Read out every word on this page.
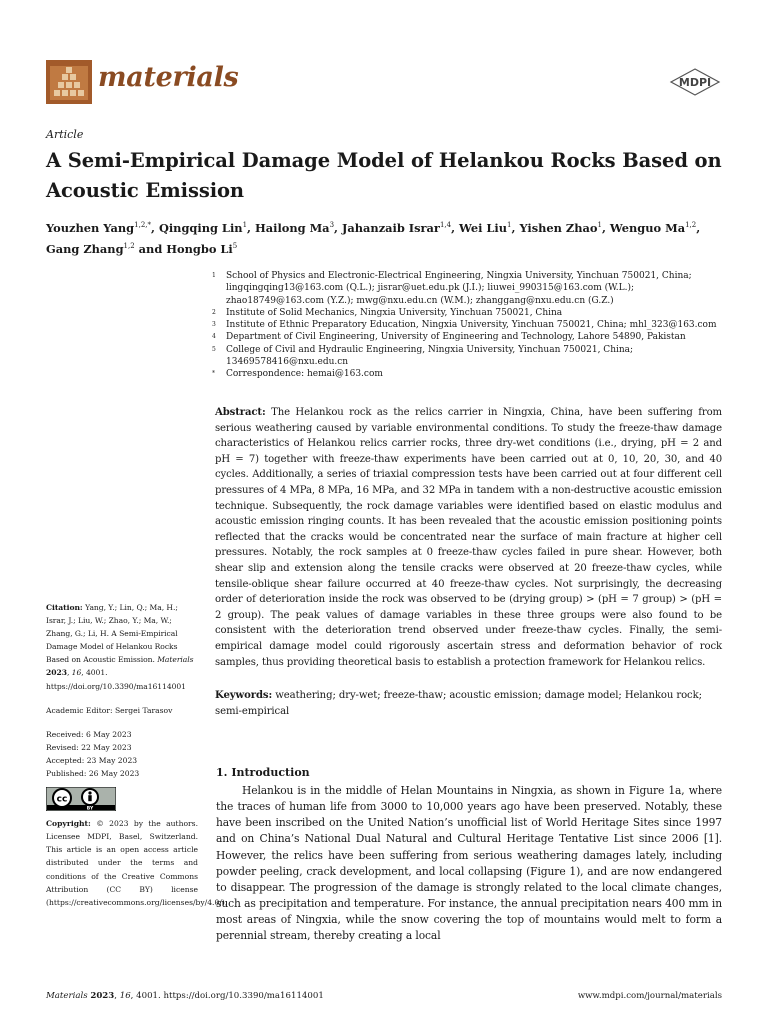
materials	MDPI
Article
A Semi-Empirical Damage Model of Helankou Rocks Based on Acoustic Emission
Youzhen Yang$^{1,2,*}$, Qingqing Lin$^1$, Hailong Ma$^3$, Jahanzaib Israr$^{1,4}$, Wei Liu$^1$, Yishen Zhao$^1$, Wenguo Ma$^{1,2}$,
Gang Zhang$^{1,2}$ and Hongbo Li$^5$
1	School of Physics and Electronic-Electrical Engineering, Ningxia University, Yinchuan 750021, China; lingqingqing13@163.com (Q.L.); jisrar@uet.edu.pk (J.I.); liuwei_990315@163.com (W.L.); zhao18749@163.com (Y.Z.); mwg@nxu.edu.cn (W.M.); zhanggang@nxu.edu.cn (G.Z.)
2	Institute of Solid Mechanics, Ningxia University, Yinchuan 750021, China
3	Institute of Ethnic Preparatory Education, Ningxia University, Yinchuan 750021, China; mhl_323@163.com
4	Department of Civil Engineering, University of Engineering and Technology, Lahore 54890, Pakistan
5	College of Civil and Hydraulic Engineering, Ningxia University, Yinchuan 750021, China; 13469578416@nxu.edu.cn
*	Correspondence: hemai@163.com

Citation: Yang, Y.; Lin, Q.; Ma, H.; Israr, J.; Liu, W.; Zhao, Y.; Ma, W.; Zhang, G.; Li, H. A Semi-Empirical Damage Model of Helankou Rocks Based on Acoustic Emission. Materials 2023, 16, 4001. https://doi.org/10.3390/ma16114001

Academic Editor: Sergei Tarasov

Received: 6 May 2023

Revised: 22 May 2023

Accepted: 23 May 2023

Published: 26 May 2023

cc
BY

Copyright: © 2023 by the authors. Licensee MDPI, Basel, Switzerland. This article is an open access article distributed under the terms and conditions of the Creative Commons Attribution (CC BY) license (https://creativecommons.org/licenses/by/4.0/).

Abstract: The Helankou rock as the relics carrier in Ningxia, China, have been suffering from serious weathering caused by variable environmental conditions. To study the freeze-thaw damage characteristics of Helankou relics carrier rocks, three dry-wet conditions (i.e., drying, pH = 2 and pH = 7) together with freeze-thaw experiments have been carried out at 0, 10, 20, 30, and 40 cycles. Additionally, a series of triaxial compression tests have been carried out at four different cell pressures of 4 MPa, 8 MPa, 16 MPa, and 32 MPa in tandem with a non-destructive acoustic emission technique. Subsequently, the rock damage variables were identified based on elastic modulus and acoustic emission ringing counts. It has been revealed that the acoustic emission positioning points reflected that the cracks would be concentrated near the surface of main fracture at higher cell pressures. Notably, the rock samples at 0 freeze-thaw cycles failed in pure shear. However, both shear slip and extension along the tensile cracks were observed at 20 freeze-thaw cycles, while tensile-oblique shear failure occurred at 40 freeze-thaw cycles. Not surprisingly, the decreasing order of deterioration inside the rock was observed to be (drying group) > (pH = 7 group) > (pH = 2 group). The peak values of damage variables in these three groups were also found to be consistent with the deterioration trend observed under freeze-thaw cycles. Finally, the semi-empirical damage model could rigorously ascertain stress and deformation behavior of rock samples, thus providing theoretical basis to establish a protection framework for Helankou relics.

Keywords: weathering; dry-wet; freeze-thaw; acoustic emission; damage model; Helankou rock; semi-empirical

1. Introduction

Helankou is in the middle of Helan Mountains in Ningxia, as shown in Figure 1a, where the traces of human life from 3000 to 10,000 years ago have been preserved. Notably, these have been inscribed on the United Nation’s unofficial list of World Heritage Sites since 1997 and on China’s National Dual Natural and Cultural Heritage Tentative List since 2006 [1]. However, the relics have been suffering from serious weathering damages lately, including powder peeling, crack development, and local collapsing (Figure 1), and are now endangered to disappear. The progression of the damage is strongly related to the local climate changes, such as precipitation and temperature. For instance, the annual precipitation nears 400 mm in most areas of Ningxia, while the snow covering the top of mountains would melt to form a perennial stream, thereby creating a local

Materials 2023, 16, 4001. https://doi.org/10.3390/ma16114001	www.mdpi.com/journal/materials
